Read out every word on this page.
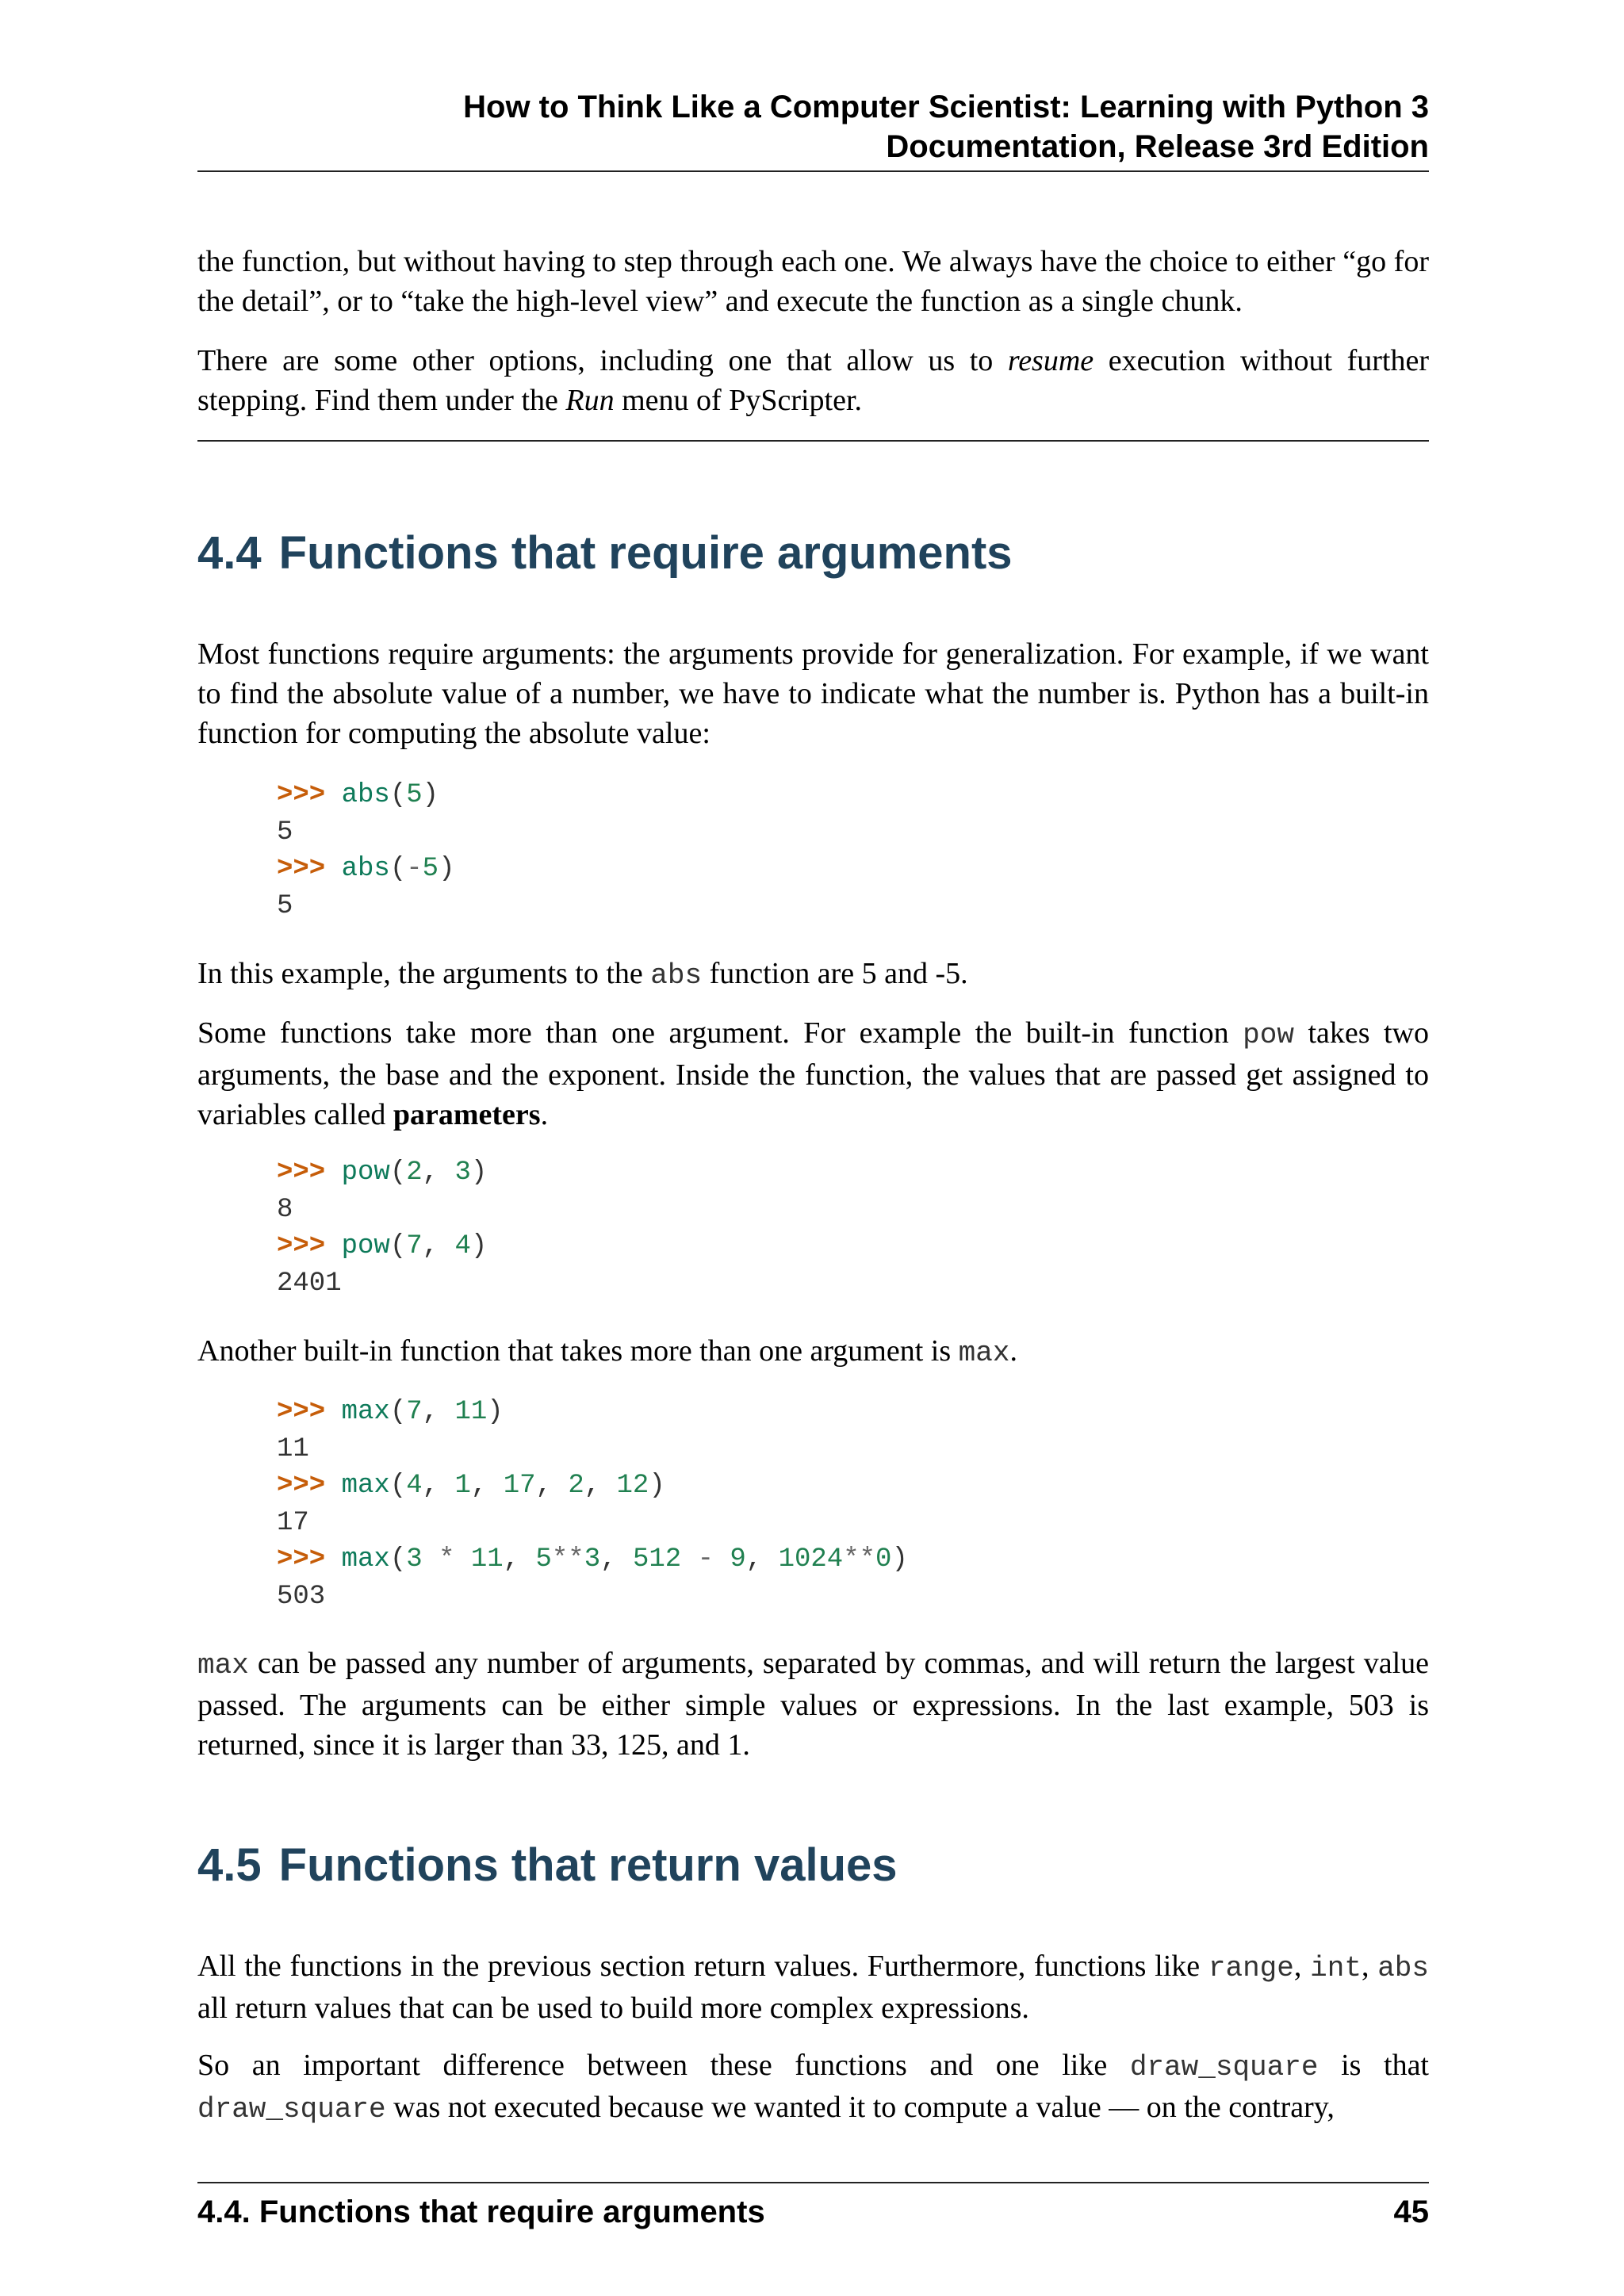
How to Think Like a Computer Scientist: Learning with Python 3
Documentation, Release 3rd Edition

the function, but without having to step through each one. We always have the choice to either “go for the detail”, or to “take the high-level view” and execute the function as a single chunk.

There are some other options, including one that allow us to resume execution without further stepping. Find them under the Run menu of PyScripter.

4.4 Functions that require arguments

Most functions require arguments: the arguments provide for generalization. For example, if we want to find the absolute value of a number, we have to indicate what the number is. Python has a built-in function for computing the absolute value:

>>> abs(5)
5
>>> abs(-5)
5

In this example, the arguments to the abs function are 5 and -5.

Some functions take more than one argument. For example the built-in function pow takes two arguments, the base and the exponent. Inside the function, the values that are passed get assigned to variables called parameters.

>>> pow(2, 3)
8
>>> pow(7, 4)
2401

Another built-in function that takes more than one argument is max.

>>> max(7, 11)
11
>>> max(4, 1, 17, 2, 12)
17
>>> max(3 * 11, 5**3, 512 - 9, 1024**0)
503

max can be passed any number of arguments, separated by commas, and will return the largest value passed. The arguments can be either simple values or expressions. In the last example, 503 is returned, since it is larger than 33, 125, and 1.

4.5 Functions that return values

All the functions in the previous section return values. Furthermore, functions like range, int, abs all return values that can be used to build more complex expressions.

So an important difference between these functions and one like draw_square is that draw_square was not executed because we wanted it to compute a value — on the contrary,

4.4. Functions that require arguments	45
